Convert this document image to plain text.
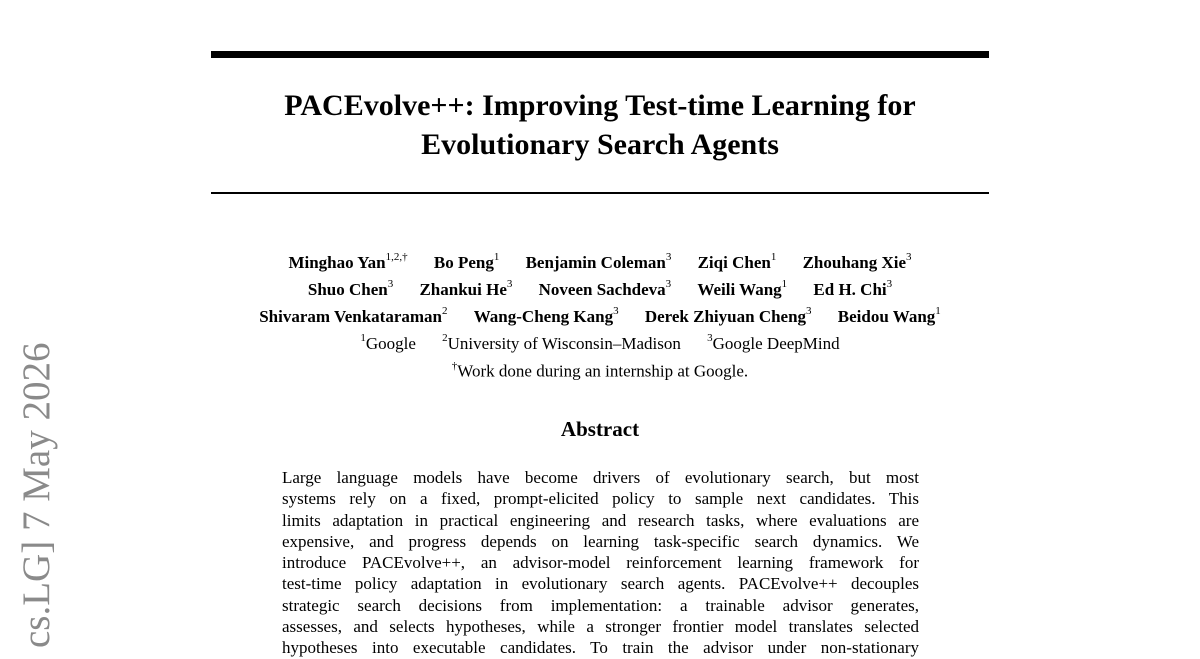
PACEvolve++: Improving Test-time Learning for
Evolutionary Search Agents
Minghao Yan$^{1,2,\dagger}$ Bo Peng$^1$ Benjamin Coleman$^3$ Ziqi Chen$^1$ Zhouhang Xie$^3$
Shuo Chen$^3$ Zhankui He$^3$ Noveen Sachdeva$^3$ Weili Wang$^1$ Ed H. Chi$^3$
Shivaram Venkataraman$^2$ Wang-Cheng Kang$^3$ Derek Zhiyuan Cheng$^3$ Beidou Wang$^1$
$^1$Google $^2$University of Wisconsin–Madison $^3$Google DeepMind
†Work done during an internship at Google.
Abstract
Large language models have become drivers of evolutionary search, but most
systems rely on a fixed, prompt-elicited policy to sample next candidates. This
limits adaptation in practical engineering and research tasks, where evaluations are
expensive, and progress depends on learning task-specific search dynamics. We
introduce PACEvolve++, an advisor-model reinforcement learning framework for
test-time policy adaptation in evolutionary search agents. PACEvolve++ decouples
strategic search decisions from implementation: a trainable advisor generates,
assesses, and selects hypotheses, while a stronger frontier model translates selected
hypotheses into executable candidates. To train the advisor under non-stationary
cs.LG] 7 May 2026
